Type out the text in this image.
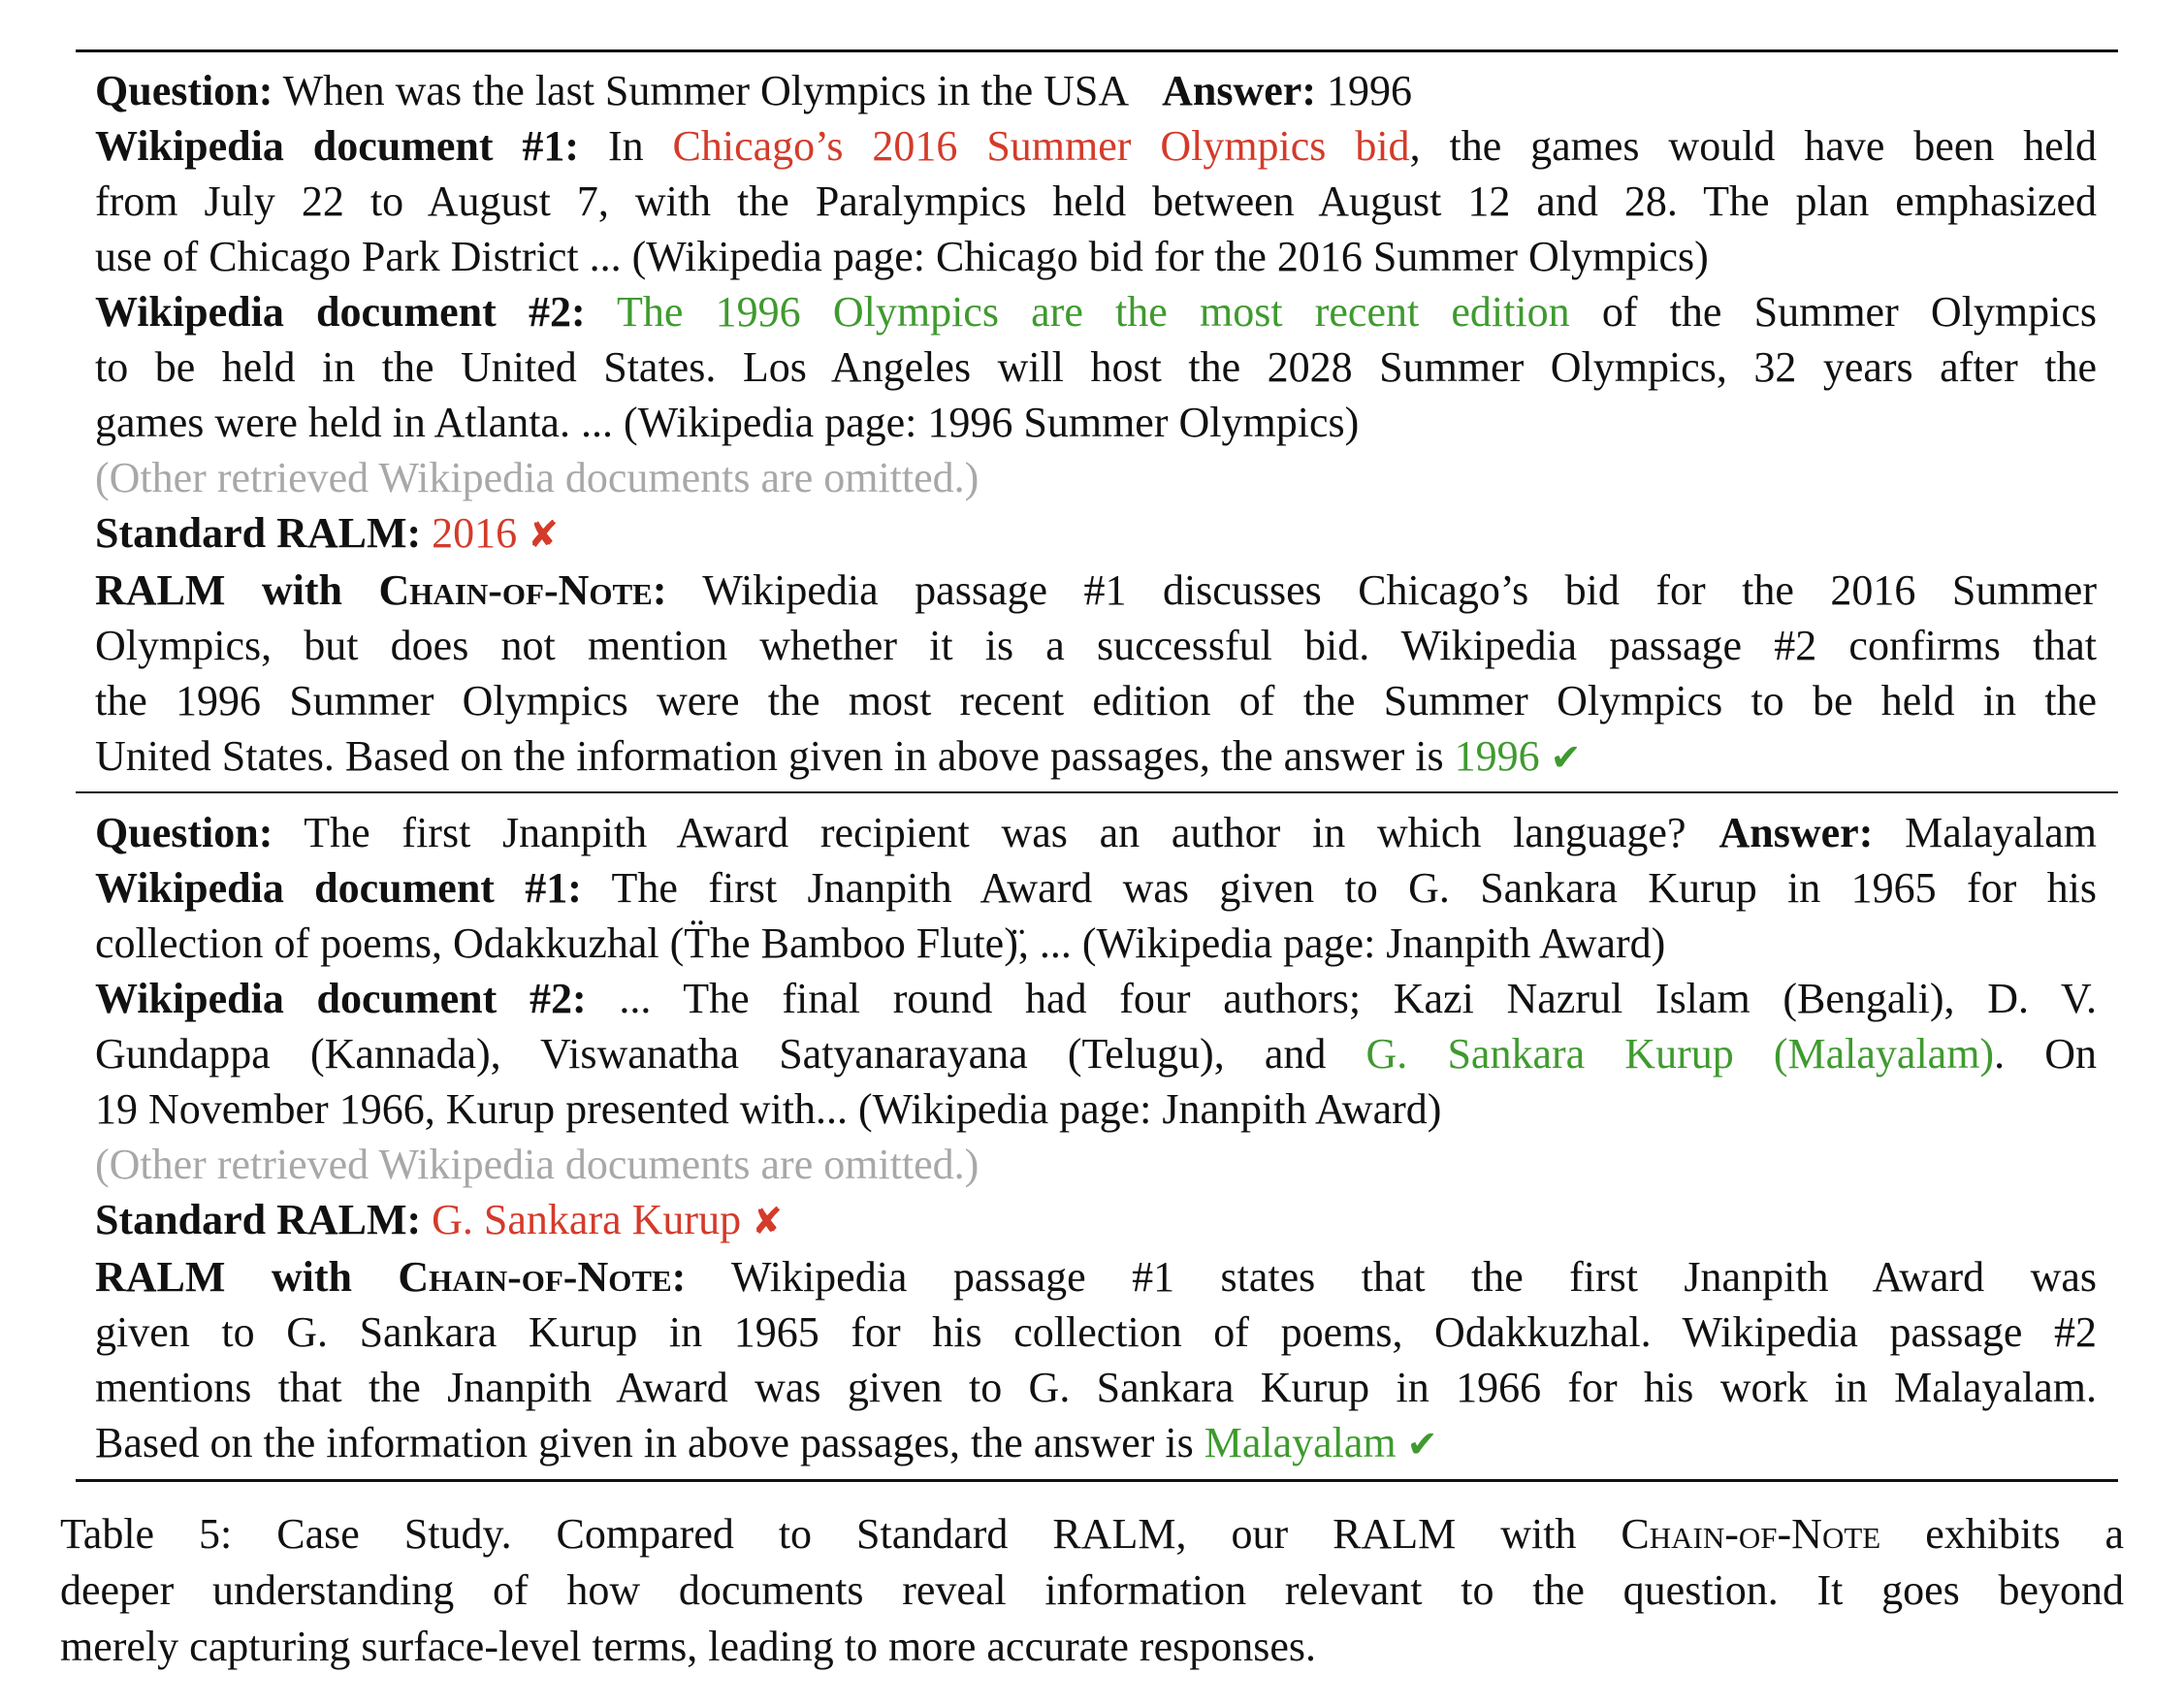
Question: When was the last Summer Olympics in the USA Answer: 1996
Wikipedia document #1: In Chicago’s 2016 Summer Olympics bid, the games would have been held
from July 22 to August 7, with the Paralympics held between August 12 and 28. The plan emphasized
use of Chicago Park District ... (Wikipedia page: Chicago bid for the 2016 Summer Olympics)
Wikipedia document #2: The 1996 Olympics are the most recent edition of the Summer Olympics
to be held in the United States. Los Angeles will host the 2028 Summer Olympics, 32 years after the
games were held in Atlanta. ... (Wikipedia page: 1996 Summer Olympics)
(Other retrieved Wikipedia documents are omitted.)
Standard RALM: 2016 ✘
RALM with Chain-of-Note: Wikipedia passage #1 discusses Chicago’s bid for the 2016 Summer
Olympics, but does not mention whether it is a successful bid. Wikipedia passage #2 confirms that
the 1996 Summer Olympics were the most recent edition of the Summer Olympics to be held in the
United States. Based on the information given in above passages, the answer is 1996 ✔
Question: The first Jnanpith Award recipient was an author in which language? Answer: Malayalam
Wikipedia document #1: The first Jnanpith Award was given to G. Sankara Kurup in 1965 for his
collection of poems, Odakkuzhal (T̈he Bamboo Flute)̈, ... (Wikipedia page: Jnanpith Award)
Wikipedia document #2: ... The final round had four authors; Kazi Nazrul Islam (Bengali), D. V.
Gundappa (Kannada), Viswanatha Satyanarayana (Telugu), and G. Sankara Kurup (Malayalam). On
19 November 1966, Kurup presented with... (Wikipedia page: Jnanpith Award)
(Other retrieved Wikipedia documents are omitted.)
Standard RALM: G. Sankara Kurup ✘
RALM with Chain-of-Note: Wikipedia passage #1 states that the first Jnanpith Award was
given to G. Sankara Kurup in 1965 for his collection of poems, Odakkuzhal. Wikipedia passage #2
mentions that the Jnanpith Award was given to G. Sankara Kurup in 1966 for his work in Malayalam.
Based on the information given in above passages, the answer is Malayalam ✔
Table 5: Case Study. Compared to Standard RALM, our RALM with Chain-of-Note exhibits a
deeper understanding of how documents reveal information relevant to the question. It goes beyond
merely capturing surface-level terms, leading to more accurate responses.
